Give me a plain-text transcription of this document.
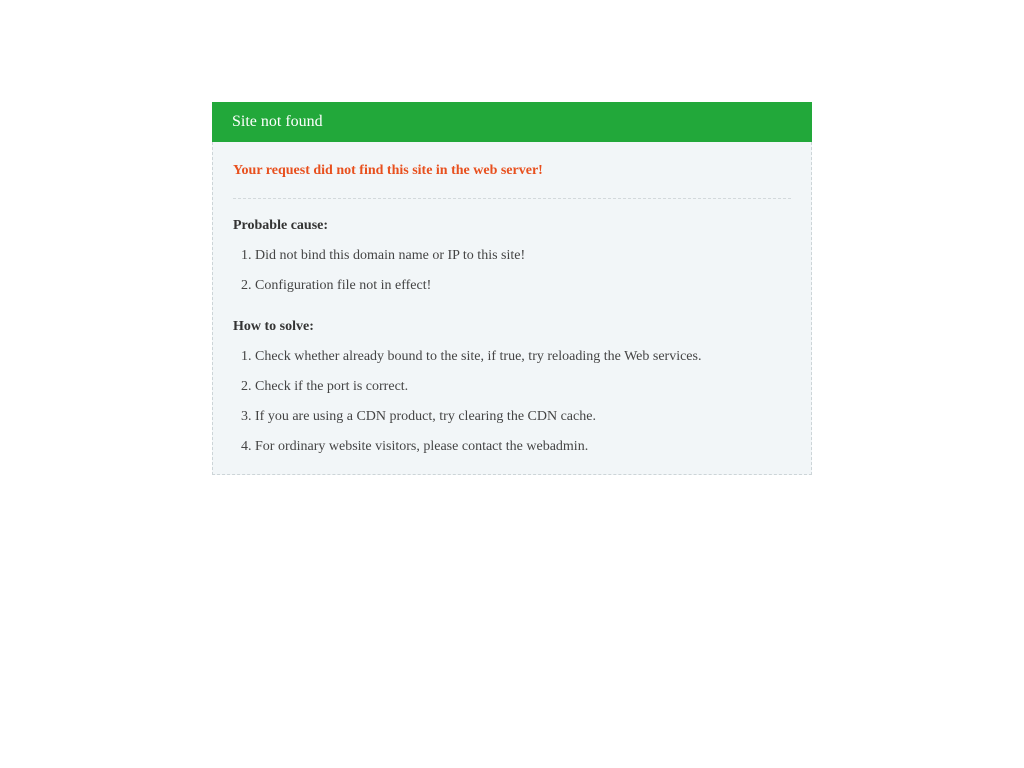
Site not found
Your request did not find this site in the web server!
Probable cause:
1. Did not bind this domain name or IP to this site!
2. Configuration file not in effect!
How to solve:
1. Check whether already bound to the site, if true, try reloading the Web services.
2. Check if the port is correct.
3. If you are using a CDN product, try clearing the CDN cache.
4. For ordinary website visitors, please contact the webadmin.
